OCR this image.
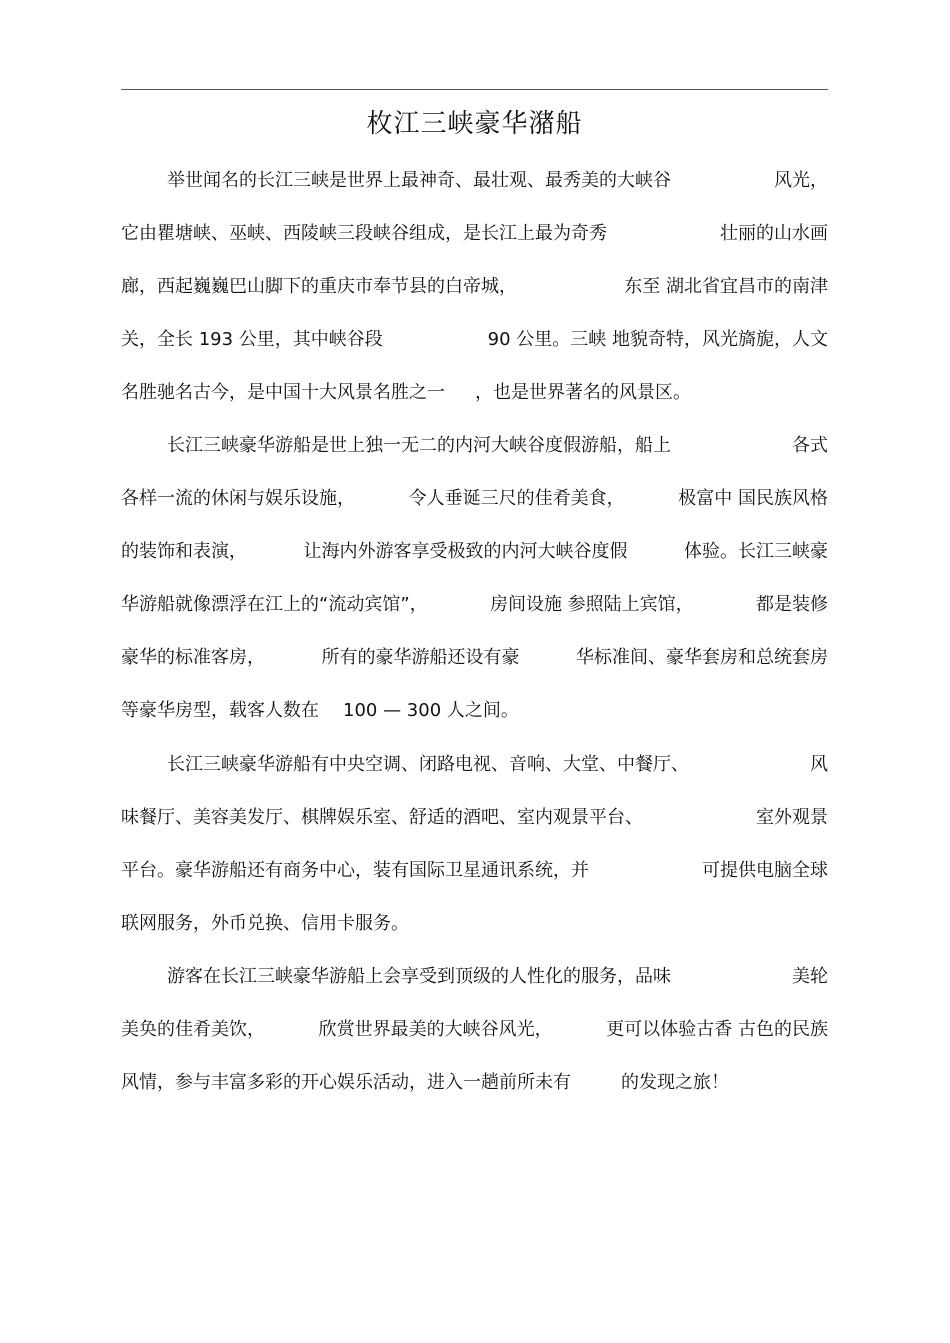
枚江三峡豪华潴船
举世闻名的长江三峡是世界上最神奇、最壮观、最秀美的大峡谷	风光，
它由瞿塘峡、巫峡、西陵峡三段峡谷组成，是长江上最为奇秀	壮丽的山水画
廊，西起巍巍巴山脚下的重庆市奉节县的白帝城，	东至 湖北省宜昌市的南津
关，全长 193 公里，其中峡谷段	90 公里。三峡 地貌奇特，风光旖旎，人文
名胜驰名古今，是中国十大风景名胜之一 ，也是世界著名的风景区。
长江三峡豪华游船是世上独一无二的内河大峡谷度假游船，船上	各式
各样一流的休闲与娱乐设施，	令人垂诞三尺的佳肴美食，	极富中 国民族风格
的装饰和表演，	让海内外游客享受极致的内河大峡谷度假	体验。长江三峡豪
华游船就像漂浮在江上的“流动宾馆”，	房间设施 参照陆上宾馆，	都是装修
豪华的标准客房，	所有的豪华游船还设有豪	华标准间、豪华套房和总统套房
等豪华房型，载客人数在 100 — 300 人之间。
长江三峡豪华游船有中央空调、闭路电视、音响、大堂、中餐厅、	风
味餐厅、美容美发厅、棋牌娱乐室、舒适的酒吧、室内观景平台、	室外观景
平台。豪华游船还有商务中心，装有国际卫星通讯系统，并	可提供电脑全球
联网服务，外币兑换、信用卡服务。
游客在长江三峡豪华游船上会享受到顶级的人性化的服务，品味	美轮
美奂的佳肴美饮，	欣赏世界最美的大峡谷风光，	更可以体验古香 古色的民族
风情，参与丰富多彩的开心娱乐活动，进入一趟前所未有	的发现之旅！
